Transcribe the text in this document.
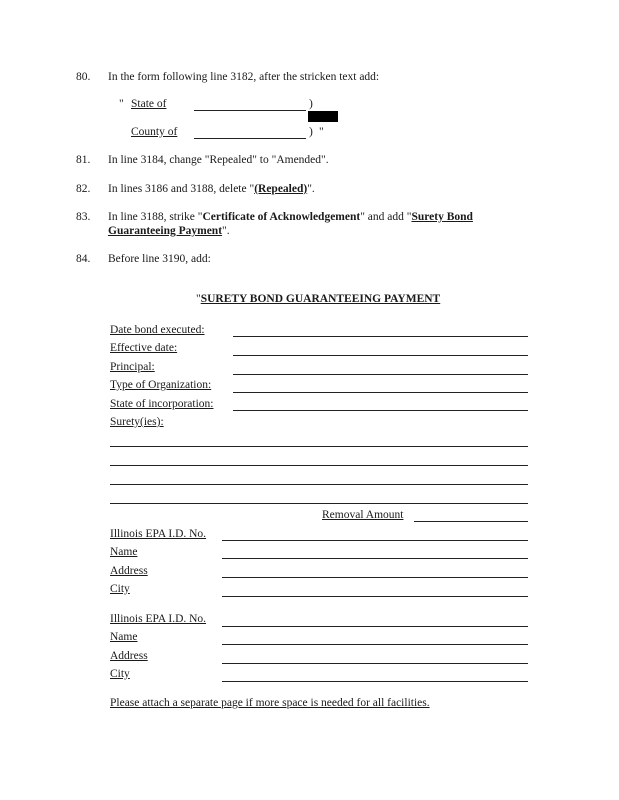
80. In the form following line 3182, after the stricken text add:
" State of	)
County of	) "
81. In line 3184, change "Repealed" to "Amended".
82. In lines 3186 and 3188, delete "(Repealed)".
83. In line 3188, strike "Certificate of Acknowledgement" and add "Surety Bond
Guaranteeing Payment".
84. Before line 3190, add:
"SURETY BOND GUARANTEEING PAYMENT
Date bond executed:
Effective date:
Principal:
Type of Organization:
State of incorporation:
Surety(ies):
Removal Amount
Illinois EPA I.D. No.
Name
Address
City
Illinois EPA I.D. No.
Name
Address
City
Please attach a separate page if more space is needed for all facilities.
